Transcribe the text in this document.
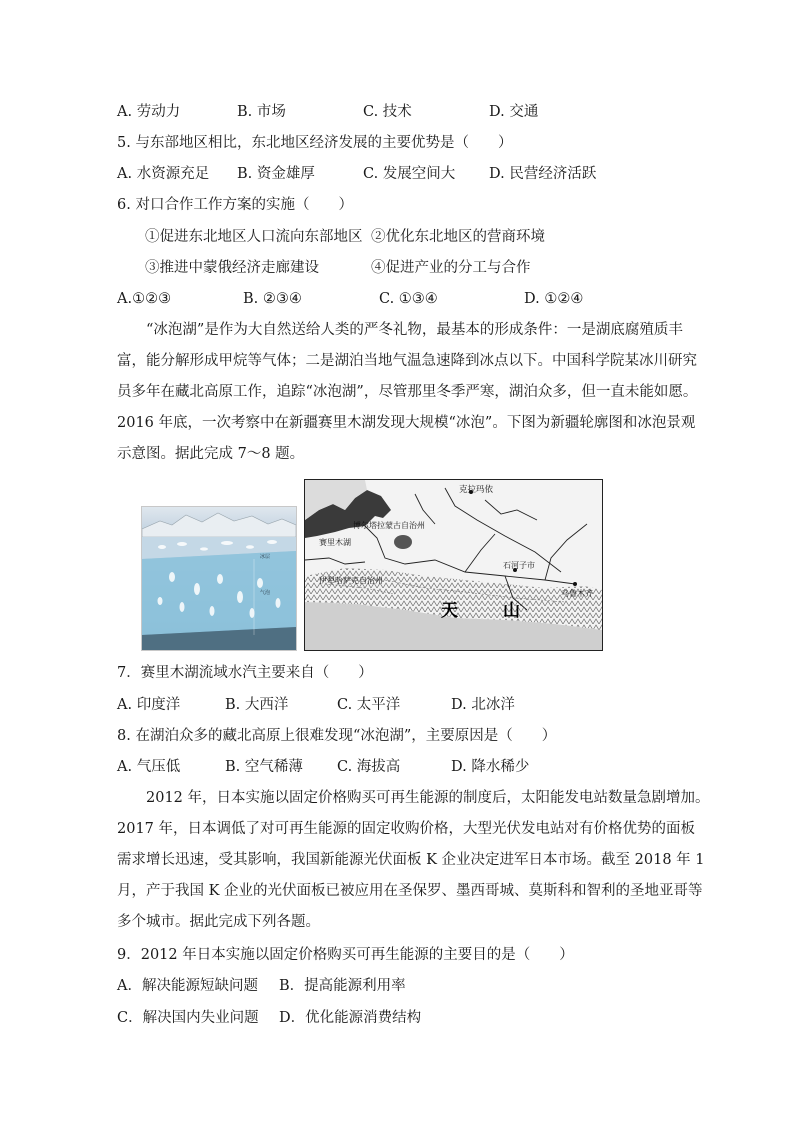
A. 劳动力	B. 市场	C. 技术	D. 交通
5. 与东部地区相比，东北地区经济发展的主要优势是（　　）
A. 水资源充足 B. 资金雄厚	C. 发展空间大 D. 民营经济活跃
6. 对口合作工作方案的实施（　　）
①促进东北地区人口流向东部地区 ②优化东北地区的营商环境
③推进中蒙俄经济走廊建设	④促进产业的分工与合作
A.①②③	B. ②③④	C. ①③④	D. ①②④
“冰泡湖”是作为大自然送给人类的严冬礼物，最基本的形成条件：一是湖底腐殖质丰
富，能分解形成甲烷等气体；二是湖泊当地气温急速降到冰点以下。中国科学院某冰川研究
员多年在藏北高原工作，追踪“冰泡湖”，尽管那里冬季严寒，湖泊众多，但一直未能如愿。
2016 年底，一次考察中在新疆赛里木湖发现大规模“冰泡”。下图为新疆轮廓图和冰泡景观
示意图。据此完成 7～8 题。
冰层
气泡
克拉玛依
博尔塔拉蒙古自治州
赛里木湖
石河子市
伊犁哈萨克自治州
乌鲁木齐
天	山
7．赛里木湖流域水汽主要来自（　　）
A. 印度洋	B. 大西洋	C. 太平洋	D. 北冰洋
8. 在湖泊众多的藏北高原上很难发现“冰泡湖”，主要原因是（　　）
A. 气压低	B. 空气稀薄 C. 海拔高	D. 降水稀少
2012 年，日本实施以固定价格购买可再生能源的制度后，太阳能发电站数量急剧增加。
2017 年，日本调低了对可再生能源的固定收购价格，大型光伏发电站对有价格优势的面板
需求增长迅速，受其影响，我国新能源光伏面板 K 企业决定进军日本市场。截至 2018 年 1
月，产于我国 K 企业的光伏面板已被应用在圣保罗、墨西哥城、莫斯科和智利的圣地亚哥等
多个城市。据此完成下列各题。
9．2012 年日本实施以固定价格购买可再生能源的主要目的是（　　）
A．解决能源短缺问题 B．提高能源利用率
C．解决国内失业问题 D．优化能源消费结构
